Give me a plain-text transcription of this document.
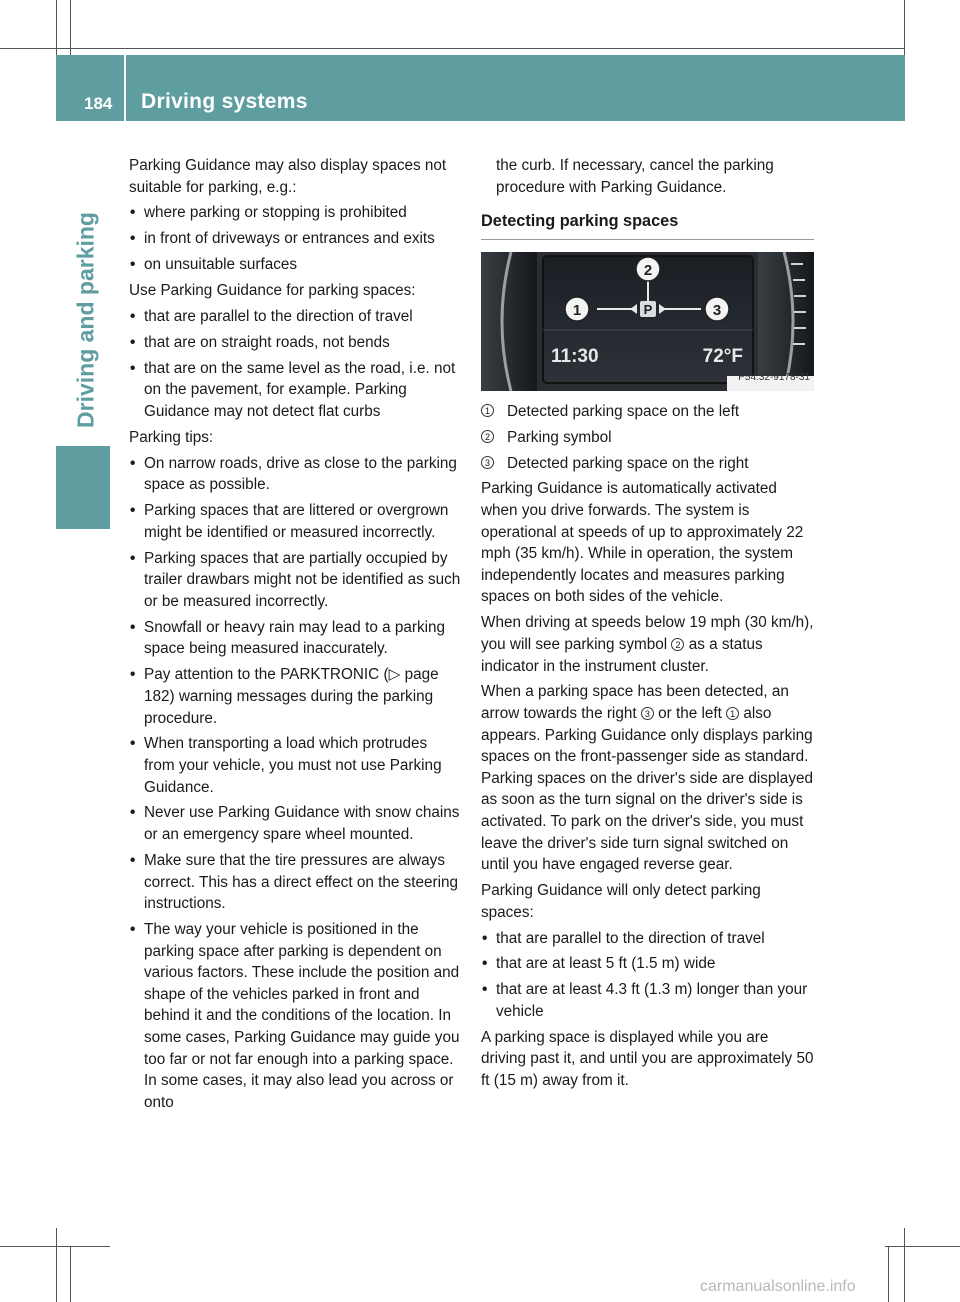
184 Driving systems
Driving and parking

Parking Guidance may also display spaces not suitable for parking, e.g.:

• where parking or stopping is prohibited
• in front of driveways or entrances and exits
• on unsuitable surfaces

Use Parking Guidance for parking spaces:

• that are parallel to the direction of travel
• that are on straight roads, not bends
• that are on the same level as the road, i.e. not on the pavement, for example. Parking Guidance may not detect flat curbs

Parking tips:

• On narrow roads, drive as close to the parking space as possible.
• Parking spaces that are littered or overgrown might be identified or measured incorrectly.
• Parking spaces that are partially occupied by trailer drawbars might not be identified as such or be measured incorrectly.
• Snowfall or heavy rain may lead to a parking space being measured inaccurately.
• Pay attention to the PARKTRONIC (▷ page 182) warning messages during the parking procedure.
• When transporting a load which protrudes from your vehicle, you must not use Parking Guidance.
• Never use Parking Guidance with snow chains or an emergency spare wheel mounted.
• Make sure that the tire pressures are always correct. This has a direct effect on the steering instructions.
• The way your vehicle is positioned in the parking space after parking is dependent on various factors. These include the position and shape of the vehicles parked in front and behind it and the conditions of the location. In some cases, Parking Guidance may guide you too far or not far enough into a parking space. In some cases, it may also lead you across or onto

the curb. If necessary, cancel the parking procedure with Parking Guidance.

Detecting parking spaces
P
2
1	3
11:30	72°F
P54.32-9178-31
1 Detected parking space on the left
2 Parking symbol
3 Detected parking space on the right

Parking Guidance is automatically activated when you drive forwards. The system is operational at speeds of up to approximately 22 mph (35 km/h). While in operation, the system independently locates and measures parking spaces on both sides of the vehicle.

When driving at speeds below 19 mph (30 km/h), you will see parking symbol 2 as a status indicator in the instrument cluster.

When a parking space has been detected, an arrow towards the right 3 or the left 1 also appears. Parking Guidance only displays parking spaces on the front-passenger side as standard. Parking spaces on the driver's side are displayed as soon as the turn signal on the driver's side is activated. To park on the driver's side, you must leave the driver's side turn signal switched on until you have engaged reverse gear.

Parking Guidance will only detect parking spaces:

• that are parallel to the direction of travel
• that are at least 5 ft (1.5 m) wide
• that are at least 4.3 ft (1.3 m) longer than your vehicle

A parking space is displayed while you are driving past it, and until you are approximately 50 ft (15 m) away from it.

carmanualsonline.info
